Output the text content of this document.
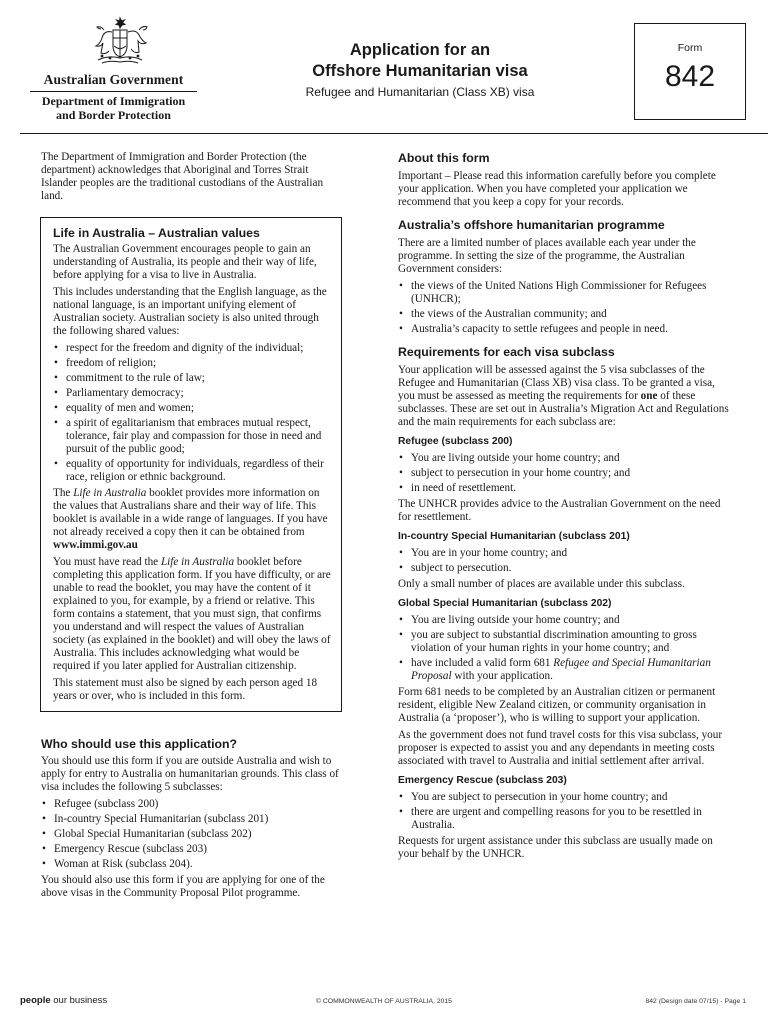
Australian Government
Department of Immigration
and Border Protection
Application for an
Offshore Humanitarian visa
Refugee and Humanitarian (Class XB) visa
Form
842

The Department of Immigration and Border Protection (the department) acknowledges that Aboriginal and Torres Strait Islander peoples are the traditional custodians of the Australian land.

Life in Australia – Australian values

The Australian Government encourages people to gain an understanding of Australia, its people and their way of life, before applying for a visa to live in Australia.

This includes understanding that the English language, as the national language, is an important unifying element of Australian society. Australian society is also united through the following shared values:

• respect for the freedom and dignity of the individual;
• freedom of religion;
• commitment to the rule of law;
• Parliamentary democracy;
• equality of men and women;
• a spirit of egalitarianism that embraces mutual respect, tolerance, fair play and compassion for those in need and pursuit of the public good;
• equality of opportunity for individuals, regardless of their race, religion or ethnic background.

The Life in Australia booklet provides more information on the values that Australians share and their way of life. This booklet is available in a wide range of languages. If you have not already received a copy then it can be obtained from www.immi.gov.au

You must have read the Life in Australia booklet before completing this application form. If you have difficulty, or are unable to read the booklet, you may have the content of it explained to you, for example, by a friend or relative. This form contains a statement, that you must sign, that confirms you understand and will respect the values of Australian society (as explained in the booklet) and will obey the laws of Australia. This includes acknowledging what would be required if you later applied for Australian citizenship.

This statement must also be signed by each person aged 18 years or over, who is included in this form.

Who should use this application?

You should use this form if you are outside Australia and wish to apply for entry to Australia on humanitarian grounds. This class of visa includes the following 5 subclasses:

• Refugee (subclass 200)
• In-country Special Humanitarian (subclass 201)
• Global Special Humanitarian (subclass 202)
• Emergency Rescue (subclass 203)
• Woman at Risk (subclass 204).

You should also use this form if you are applying for one of the above visas in the Community Proposal Pilot programme.

About this form

Important – Please read this information carefully before you complete your application. When you have completed your application we recommend that you keep a copy for your records.

Australia’s offshore humanitarian programme

There are a limited number of places available each year under the programme. In setting the size of the programme, the Australian Government considers:

• the views of the United Nations High Commissioner for Refugees (UNHCR);
• the views of the Australian community; and
• Australia’s capacity to settle refugees and people in need.
Requirements for each visa subclass

Your application will be assessed against the 5 visa subclasses of the Refugee and Humanitarian (Class XB) visa class. To be granted a visa, you must be assessed as meeting the requirements for one of these subclasses. These are set out in Australia’s Migration Act and Regulations and the main requirements for each subclass are:

Refugee (subclass 200)
• You are living outside your home country; and
• subject to persecution in your home country; and
• in need of resettlement.

The UNHCR provides advice to the Australian Government on the need for resettlement.

In-country Special Humanitarian (subclass 201)
• You are in your home country; and
• subject to persecution.

Only a small number of places are available under this subclass.

Global Special Humanitarian (subclass 202)
• You are living outside your home country; and
• you are subject to substantial discrimination amounting to gross violation of your human rights in your home country; and
• have included a valid form 681 Refugee and Special Humanitarian Proposal with your application.

Form 681 needs to be completed by an Australian citizen or permanent resident, eligible New Zealand citizen, or community organisation in Australia (a ‘proposer’), who is willing to support your application.

As the government does not fund travel costs for this visa subclass, your proposer is expected to assist you and any dependants in meeting costs associated with travel to Australia and initial settlement after arrival.

Emergency Rescue (subclass 203)
• You are subject to persecution in your home country; and
• there are urgent and compelling reasons for you to be resettled in Australia.

Requests for urgent assistance under this subclass are usually made on your behalf by the UNHCR.

people our business	© COMMONWEALTH OF AUSTRALIA, 2015	842 (Design date 07/15) - Page 1
